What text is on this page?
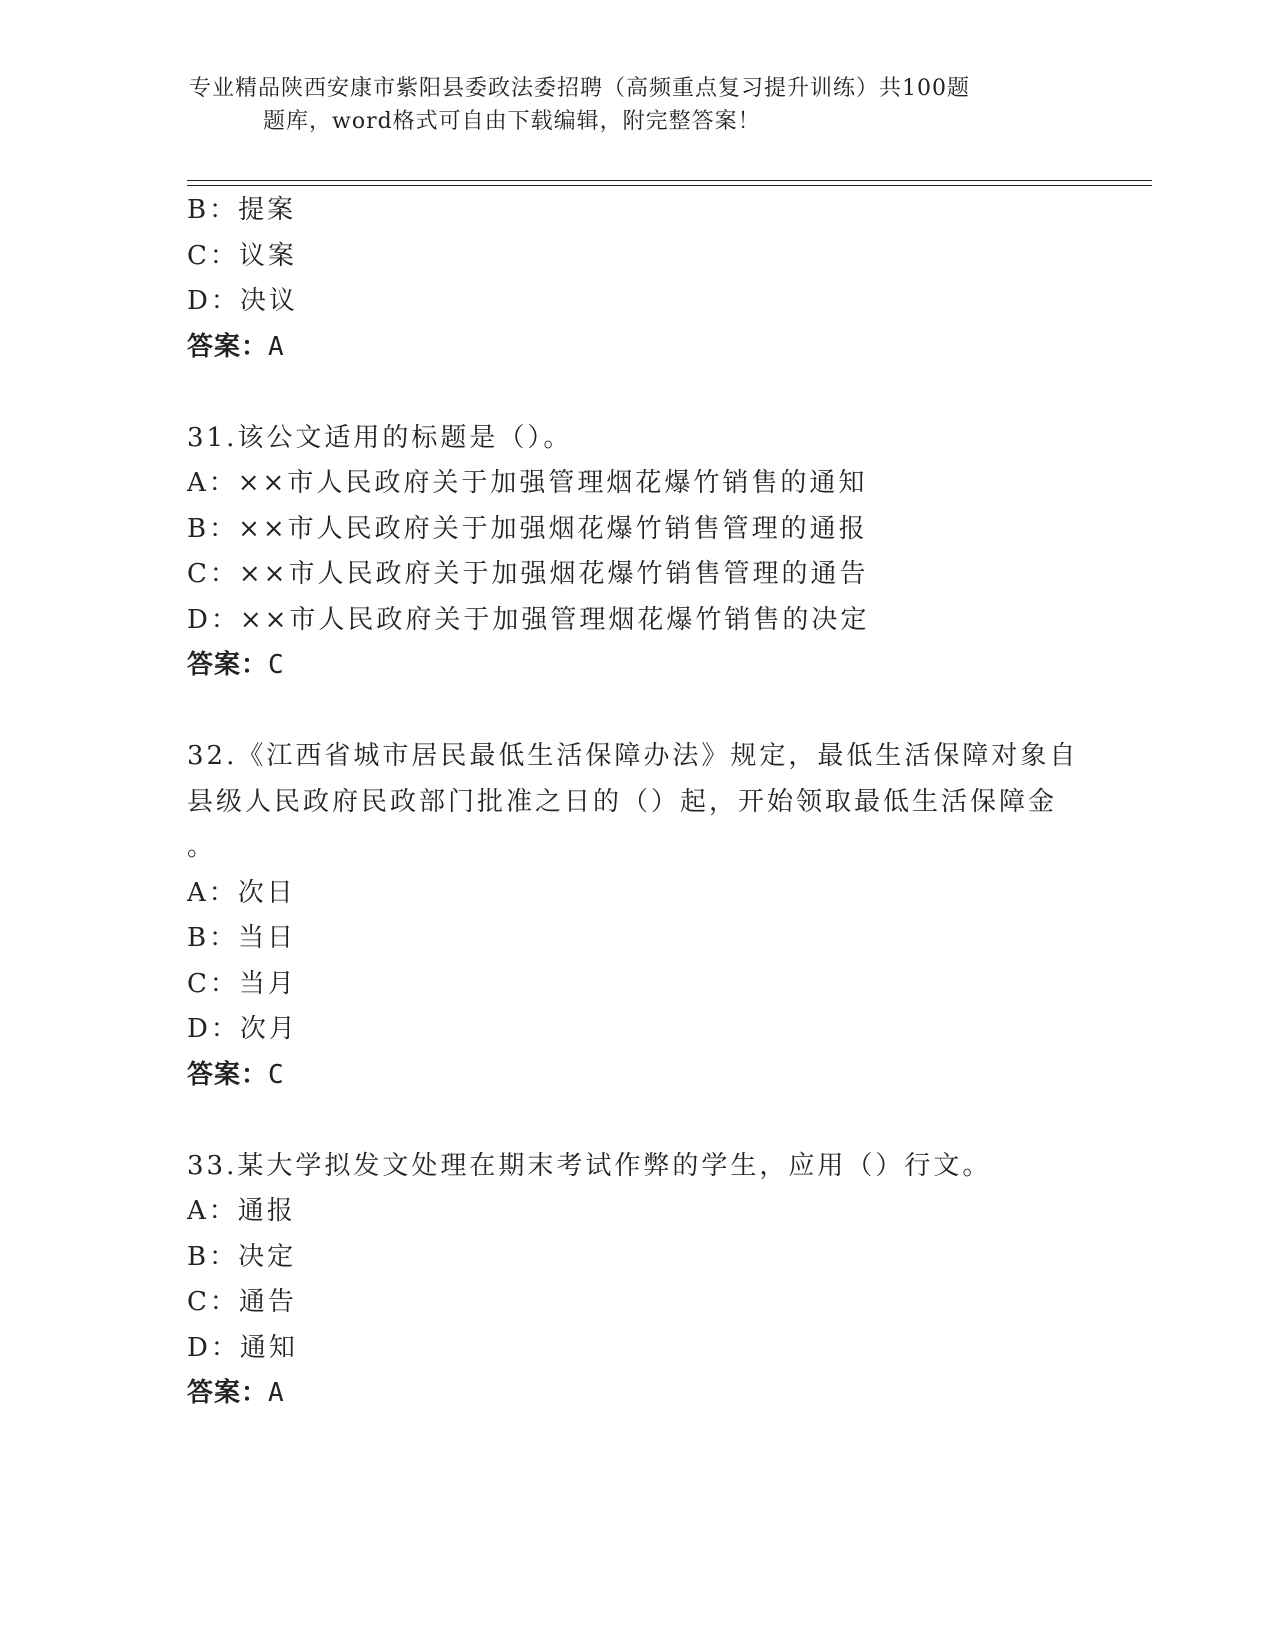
专业精品陕西安康市紫阳县委政法委招聘（高频重点复习提升训练）共100题
题库，word格式可自由下载编辑，附完整答案！
B：提案
C：议案
D：决议
答案：A
31.该公文适用的标题是（）。
A：××市人民政府关于加强管理烟花爆竹销售的通知
B：××市人民政府关于加强烟花爆竹销售管理的通报
C：××市人民政府关于加强烟花爆竹销售管理的通告
D：××市人民政府关于加强管理烟花爆竹销售的决定
答案：C
32.《江西省城市居民最低生活保障办法》规定，最低生活保障对象自
县级人民政府民政部门批准之日的（）起，开始领取最低生活保障金
。
A：次日
B：当日
C：当月
D：次月
答案：C
33.某大学拟发文处理在期末考试作弊的学生，应用（）行文。
A：通报
B：决定
C：通告
D：通知
答案：A
